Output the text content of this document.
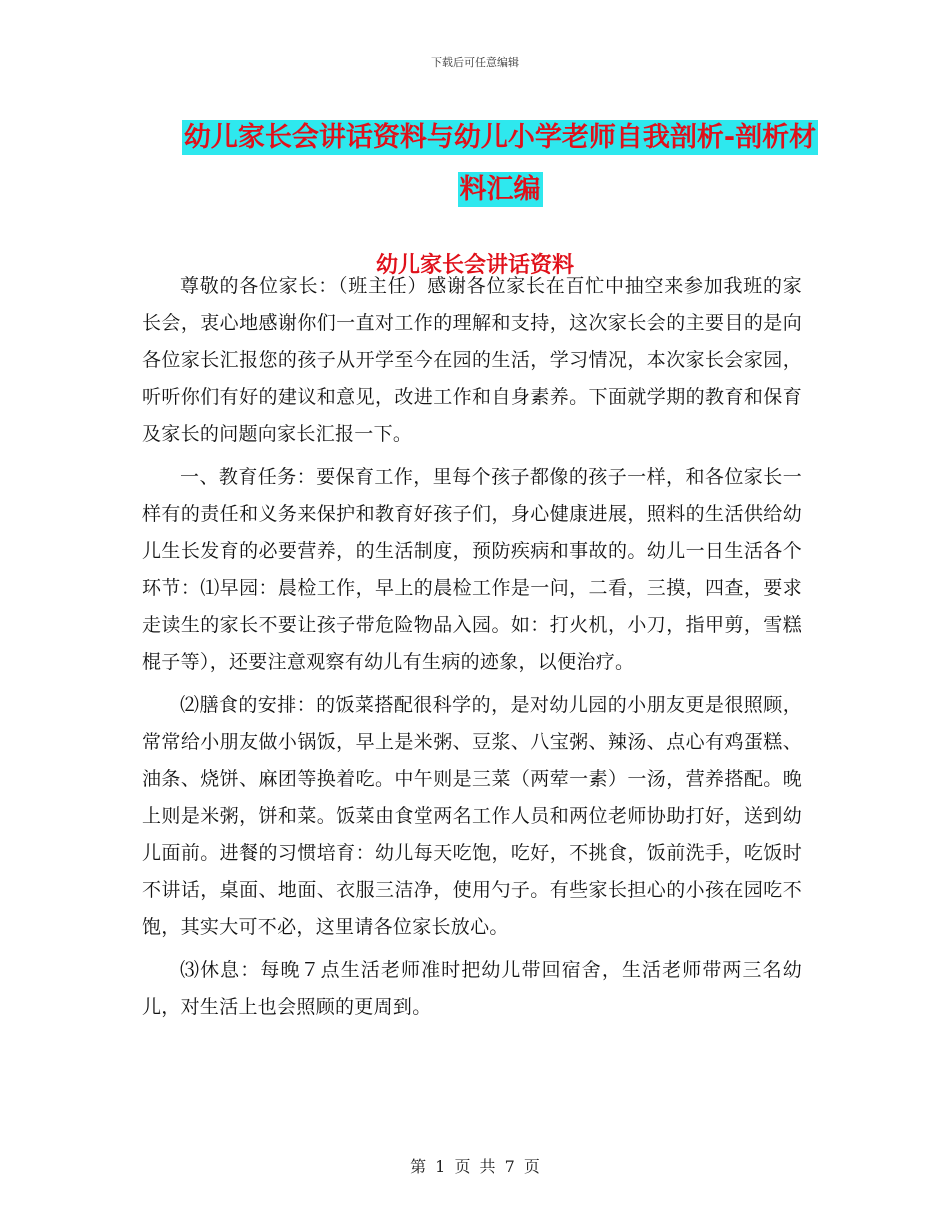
下载后可任意编辑
幼儿家长会讲话资料与幼儿小学老师自我剖析-剖析材料汇编
幼儿家长会讲话资料

尊敬的各位家长：（班主任）感谢各位家长在百忙中抽空来参加我班的家长会，衷心地感谢你们一直对工作的理解和支持，这次家长会的主要目的是向各位家长汇报您的孩子从开学至今在园的生活，学习情况，本次家长会家园，听听你们有好的建议和意见，改进工作和自身素养。下面就学期的教育和保育及家长的问题向家长汇报一下。

一、教育任务：要保育工作，里每个孩子都像的孩子一样，和各位家长一样有的责任和义务来保护和教育好孩子们，身心健康进展，照料的生活供给幼儿生长发育的必要营养，的生活制度，预防疾病和事故的。幼儿一日生活各个环节：⑴早园：晨检工作，早上的晨检工作是一问，二看，三摸，四查，要求走读生的家长不要让孩子带危险物品入园。如：打火机，小刀，指甲剪，雪糕棍子等），还要注意观察有幼儿有生病的迹象，以便治疗。

⑵膳食的安排：的饭菜搭配很科学的，是对幼儿园的小朋友更是很照顾，常常给小朋友做小锅饭，早上是米粥、豆浆、八宝粥、辣汤、点心有鸡蛋糕、油条、烧饼、麻团等换着吃。中午则是三菜（两荤一素）一汤，营养搭配。晚上则是米粥，饼和菜。饭菜由食堂两名工作人员和两位老师协助打好，送到幼儿面前。进餐的习惯培育：幼儿每天吃饱，吃好，不挑食，饭前洗手，吃饭时不讲话，桌面、地面、衣服三洁净，使用勺子。有些家长担心的小孩在园吃不饱，其实大可不必，这里请各位家长放心。

⑶休息：每晚７点生活老师准时把幼儿带回宿舍，生活老师带两三名幼儿，对生活上也会照顾的更周到。

第 1 页 共 7 页
